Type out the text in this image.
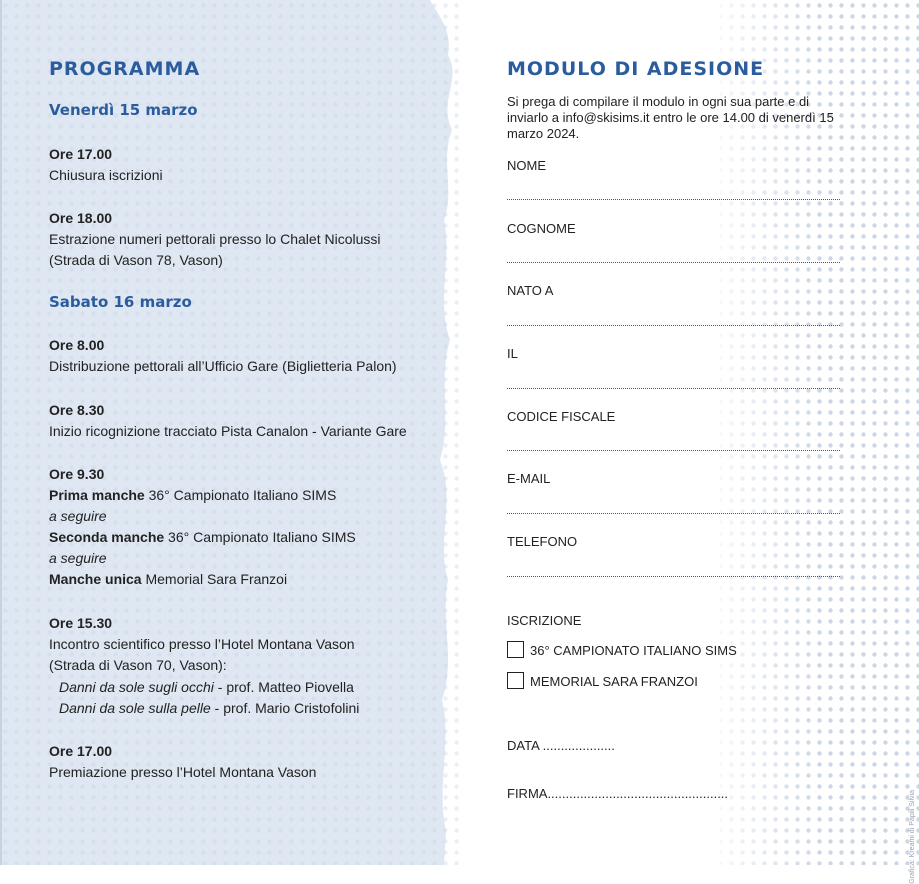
PROGRAMMA
Venerdì 15 marzo
Ore 17.00
Chiusura iscrizioni
Ore 18.00
Estrazione numeri pettorali presso lo Chalet Nicolussi
(Strada di Vason 78, Vason)
Sabato 16 marzo
Ore 8.00
Distribuzione pettorali all’Ufficio Gare (Biglietteria Palon)
Ore 8.30
Inizio ricognizione tracciato Pista Canalon - Variante Gare
Ore 9.30
Prima manche 36° Campionato Italiano SIMS
a seguire
Seconda manche 36° Campionato Italiano SIMS
a seguire
Manche unica Memorial Sara Franzoi
Ore 15.30
Incontro scientifico presso l’Hotel Montana Vason
(Strada di Vason 70, Vason):
Danni da sole sugli occhi - prof. Matteo Piovella
Danni da sole sulla pelle - prof. Mario Cristofolini
Ore 17.00
Premiazione presso l’Hotel Montana Vason
MODULO DI ADESIONE
Si prega di compilare il modulo in ogni sua parte e di inviarlo a info@skisims.it entro le ore 14.00 di venerdì 15 marzo 2024.
NOME
COGNOME
NATO A
IL
CODICE FISCALE
E-MAIL
TELEFONO
ISCRIZIONE
36° CAMPIONATO ITALIANO SIMS
MEMORIAL SARA FRANZOI
DATA ....................
FIRMA..................................................	Grafica: Kreami di Papili Silvia
